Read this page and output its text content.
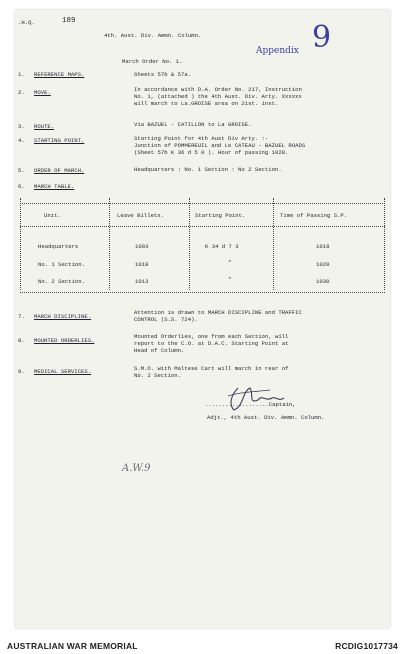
.H.Q.	189
4th. Aust. Div. Ammn. Column.
Appendix 9
March Order No. 1.
1. REFERENCE MAPS.	Sheets 57b & 57a.
2. MOVE.	In accordance with D.A. Order No. 217, Instruction
No. 1, (attached ) the 4th Aust. Div. Arty. Xxxxxx
will march to La.GROISE area on 21st. inst.
3. ROUTE.	Via BAZUEL - CATILLON to La GROISE.
4. STARTING POINT.	Starting Point for 4th Aust Div Arty. :-
Junction of POMMEREUIL and Le CATEAU - BAZUEL ROADS
(Sheet 57b K 36 d 5 0 ). Hour of passing 1028.
5. ORDER OF MARCH.	Headquarters : No. 1 Section : No 2 Section.
6. MARCH TABLE.
Unit.	Leave Billets.	Starting Point.	Time of Passing S.P.
Headquarters	1003	K 34 d 7 3	1018
No. 1 Section.	1018	"	1020
No. 2 Section.	1013	"	1030
7. MARCH DISCIPLINE.
Attention is drawn to MARCH DISCIPLINE and TRAFFIC
CONTROL (S.S. 724).
8. MOUNTED ORDERLIES.
Mounted Orderlies, one from each Section, will
report to the C.O. at D.A.C. Starting Point at
Head of Column.
9. MEDICAL SERVICES.	S.M.O. with Maltese Cart will march in rear of
No. 2 Section.
...................Captain,
Adjt., 4th Aust. Div. Ammn. Column.
A.W.9
AUSTRALIAN WAR MEMORIAL	RCDIG1017734
